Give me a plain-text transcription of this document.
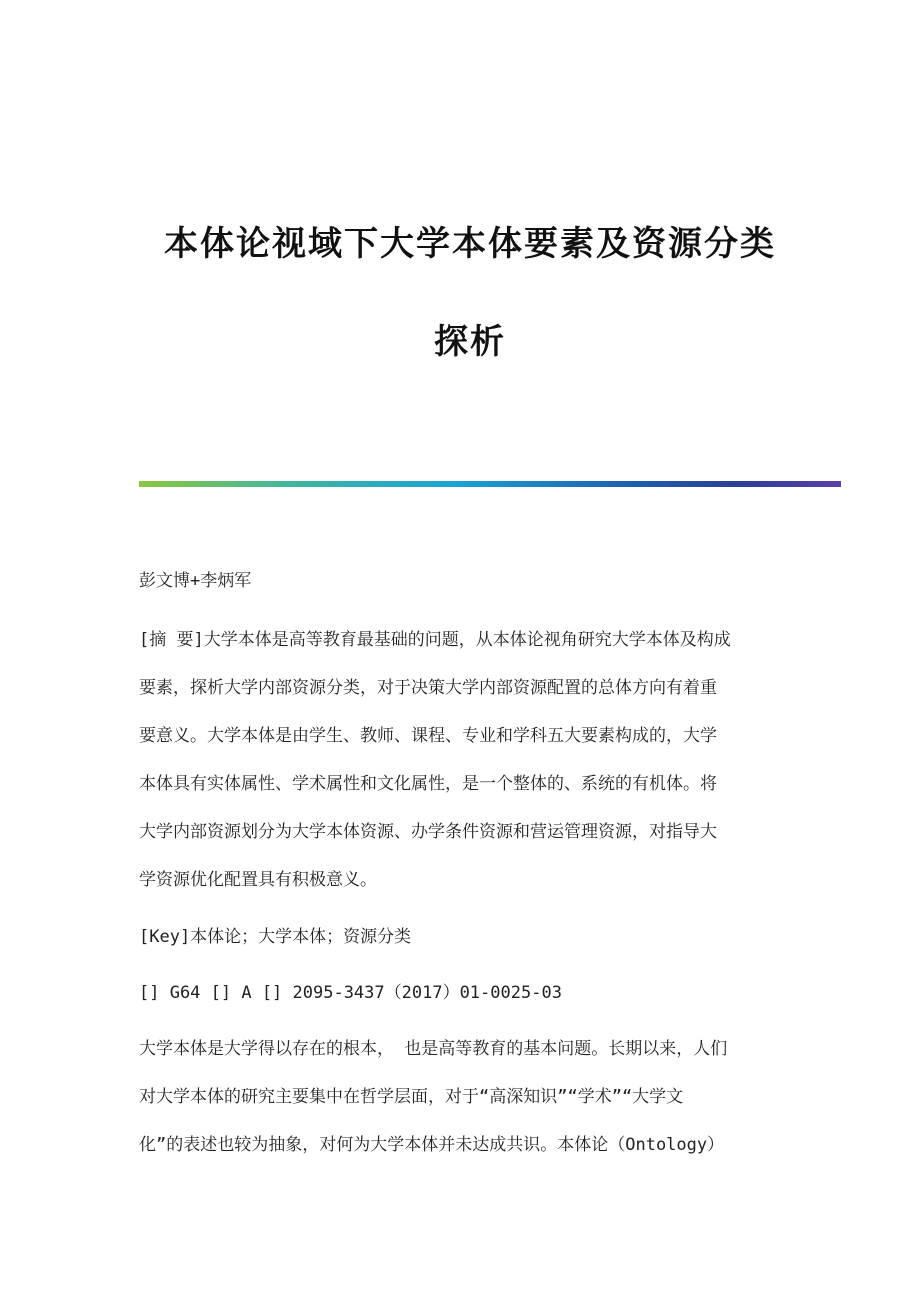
本体论视域下大学本体要素及资源分类
探析
彭文博+李炳军
[摘 要]大学本体是高等教育最基础的问题，从本体论视角研究大学本体及构成
要素，探析大学内部资源分类，对于决策大学内部资源配置的总体方向有着重
要意义。大学本体是由学生、教师、课程、专业和学科五大要素构成的，大学
本体具有实体属性、学术属性和文化属性，是一个整体的、系统的有机体。将
大学内部资源划分为大学本体资源、办学条件资源和营运管理资源，对指导大
学资源优化配置具有积极意义。
[Key]本体论；大学本体；资源分类
[] G64 [] A [] 2095-3437（2017）01-0025-03
大学本体是大学得以存在的根本， 也是高等教育的基本问题。长期以来，人们
对大学本体的研究主要集中在哲学层面，对于“高深知识”“学术”“大学文
化”的表述也较为抽象，对何为大学本体并未达成共识。本体论（Ontology）
